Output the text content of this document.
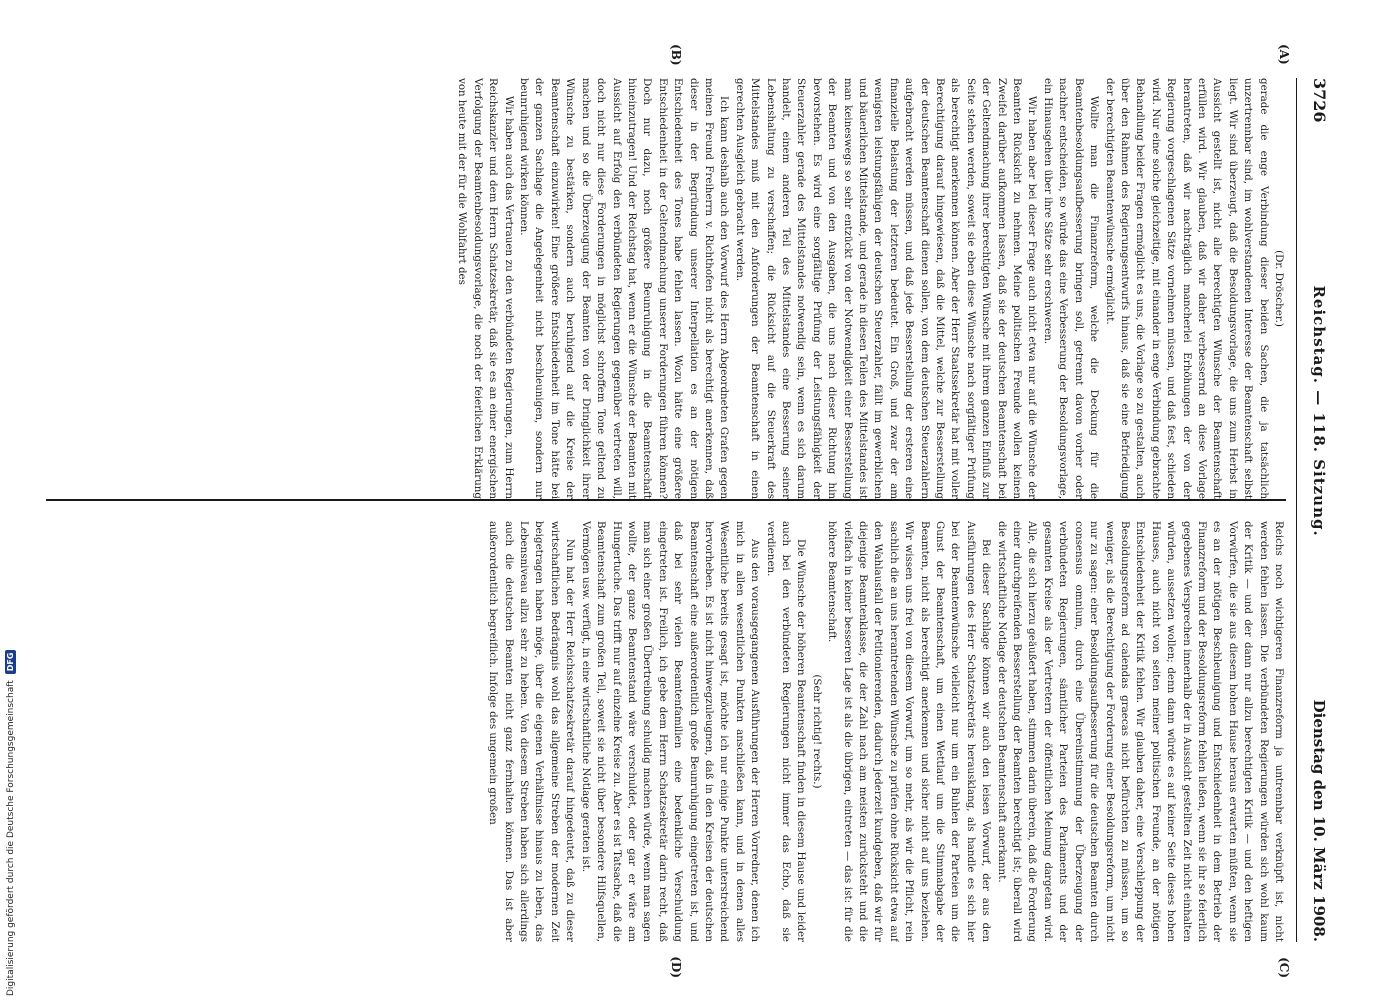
3726
Reichstag. — 118. Sitzung.
Dienstag den 10. März 1908.
(A)
(B)
(C)
(D)

(Dr. Dröscher.)

gerade die enge Verbindung dieser beiden Sachen, die ja tatsächlich unzertrennbar sind, im wohlverstandenen Interesse der Beamtenschaft selbst liegt. Wir sind überzeugt, daß die Besoldungsvorlage, die uns zum Herbst in Aussicht gestellt ist, nicht alle berechtigten Wünsche der Beamtenschaft erfüllen wird. Wir glauben, daß wir daher verbessernd an diese Vorlage herantreten, daß wir nachträglich mancherlei Erhöhungen der von der Regierung vorgeschlagenen Sätze vornehmen müssen, und daß fest, schieden wird. Nur eine solche gleichzeitige, mit einander in enge Verbindung gebrachte Behandlung beider Fragen ermöglicht es uns, die Vorlage so zu gestalten, auch über den Rahmen des Regierungsentwurfs hinaus, daß sie eine Befriedigung der berechtigten Beamtenwünsche ermöglicht.

Wollte man die Finanzreform, welche die Deckung für die Beamtenbesoldungsaufbesserung bringen soll, getrennt davon vorher oder nachher entscheiden, so würde das eine Verbesserung der Besoldungsvorlage, ein Hinausgehen über ihre Sätze sehr erschweren.

Wir haben aber bei dieser Frage auch nicht etwa nur auf die Wünsche der Beamten Rücksicht zu nehmen. Meine politischen Freunde wollen keinen Zweifel darüber aufkommen lassen, daß sie der deutschen Beamtenschaft bei der Geltendmachung ihrer berechtigten Wünsche mit ihrem ganzen Einfluß zur Seite stehen werden, soweit sie eben diese Wünsche nach sorgfältiger Prüfung als berechtigt anerkennen können. Aber der Herr Staatssekretär hat mit voller Berechtigung darauf hingewiesen, daß die Mittel, welche zur Besserstellung der deutschen Beamtenschaft dienen sollen, von dem deutschen Steuerzahlern aufgebracht werden müssen, und daß jede Besserstellung der ersteren eine finanzielle Belastung der letzteren bedeutet. Ein Groß, und zwar der am wenigsten leistungsfähigen der deutschen Steuerzahler, fällt im gewerblichen und bäuerlichen Mittelstande, und gerade in diesen Teilen des Mittelstandes ist man keineswegs so sehr entzückt von der Notwendigkeit einer Besserstellung der Beamten und von den Ausgaben, die uns nach dieser Richtung hin bevorstehen. Es wird eine sorgfältige Prüfung der Leistungsfähigkeit der Steuerzahler gerade des Mittelstandes notwendig sein, wenn es sich darum handelt, einem anderen Teil des Mittelstandes eine Besserung seiner Lebenshaltung zu verschaffen; die Rücksicht auf die Steuerkraft des Mittelstandes muß mit den Anforderungen der Beamtenschaft in einen gerechten Ausgleich gebracht werden.

Ich kann deshalb auch den Vorwurf des Herrn Abgeordneten Grafen gegen meinen Freund Freiherrn v. Richthofen nicht als berechtigt anerkennen, daß dieser in der Begründung unserer Interpellation es an der nötigen Entschiedenheit des Tones habe fehlen lassen. Wozu hätte eine größere Entschiedenheit in der Geltendmachung unserer Forderungen führen können? Doch nur dazu, noch größere Beunruhigung in die Beamtenschaft hineinzutragen! Und der Reichstag hat, wenn er die Wünsche der Beamten mit Aussicht auf Erfolg den verbündeten Regierungen gegenüber vertreten will, doch nicht nur diese Forderungen in möglichst schroffem Tone geltend zu machen und so die Überzeugung der Beamten von der Dringlichkeit ihrer Wünsche zu bestärken, sondern auch beruhigend auf die Kreise der Beamtenschaft einzuwirken! Eine größere Entschiedenheit im Tone hätte bei der ganzen Sachlage die Angelegenheit nicht beschleunigen, sondern nur beunruhigend wirken können.

Wir haben auch das Vertrauen zu den verbündeten Regierungen, zum Herrn Reichskanzler und dem Herrn Schatzsekretär, daß sie es an einer energischen Verfolgung der Beamtenbesoldungsvorlage, die noch der feierlichen Erklärung von heute mit der für die Wohlfahrt des

Reichs noch wichtigeren Finanzreform ja untrennbar verknüpft ist, nicht werden fehlen lassen. Die verbündeten Regierungen würden sich wohl kaum der Kritik — und der dann nur allzu berechtigten Kritik — und den heftigen Vorwürfen, die sie aus diesem hohen Hause heraus erwarten müßten, wenn sie es an der nötigen Beschleunigung und Entschiedenheit in dem Betrieb der Finanzreform und der Besoldungsreform fehlen ließen, wenn sie ihr so feierlich gegebenes Versprechen innerhalb der in Aussicht gestellten Zeit nicht einhalten würden, aussetzen wollen; denn dann würde es auf keiner Seite dieses hohen Hauses, auch nicht von seiten meiner politischen Freunde, an der nötigen Entschiedenheit der Kritik fehlen. Wir glauben daher, eine Verschleppung der Besoldungsreform ad calendas graecas nicht befürchten zu müssen, um so weniger, als die Berechtigung der Forderung einer Besoldungsreform, um nicht nur zu sagen: einer Besoldungsaufbesserung für die deutschen Beamten durch consensus omnium, durch eine Übereinstimmung der Überzeugung der verbündeten Regierungen, sämtlicher Parteien des Parlaments und der gesamten Kreise als der Vertretern der öffentlichen Meinung dargetan wird. Alle, die sich hierzu geäußert haben, stimmen darin überein, daß die Forderung einer durchgreifenden Besserstellung der Beamten berechtigt ist; überall wird die wirtschaftliche Notlage der deutschen Beamtenschaft anerkannt.

Bei dieser Sachlage können wir auch den leisen Vorwurf, der aus den Ausführungen des Herr Schatzsekretärs herausklang, als handle es sich hier bei der Beamtenwünsche vielleicht nur um ein Buhlen der Parteien um die Gunst der Beamtenschaft, um einen Wettlauf um die Stimmabgabe der Beamten, nicht als berechtigt anerkennen und sicher nicht auf uns beziehen. Wir wissen uns frei von diesem Vorwurf, um so mehr, als wir die Pflicht, rein sachlich die an uns herantretenden Wünsche zu prüfen ohne Rücksicht etwa auf den Wahlausfall der Petitionierenden, dadurch jederzeit kundgeben, daß wir für diejenige Beamtenklasse, die der Zahl nach am meisten zurücksteht und die vielfach in keiner besseren Lage ist als die übrigen, eintreten — das ist: für die höhere Beamtenschaft.

(Sehr richtig! rechts.)

Die Wünsche der höheren Beamtenschaft finden in diesem Hause und leider auch bei den verbündeten Regierungen nicht immer das Echo, daß sie verdienen.

Aus den vorausgegangenen Ausführungen der Herren Vorredner, denen ich mich in allen wesentlichen Punkten anschließen kann, und in denen alles Wesentliche bereits gesagt ist, möchte ich nur einige Punkte unterstreichend hervorheben. Es ist nicht hinwegzuleugnen, daß in den Kreisen der deutschen Beamtenschaft eine außerordentlich große Beunruhigung eingetreten ist, und daß bei sehr vielen Beamtenfamilien eine bedenkliche Verschuldung eingetreten ist. Freilich, ich gebe dem Herrn Schatzsekretär darin recht, daß man sich einer großen Übertreibung schuldig machen würde, wenn man sagen wollte, der ganze Beamtenstand wäre verschuldet, oder gar er wäre am Hungertuche. Das trifft nur auf einzelne Kreise zu. Aber es ist Tatsache, daß die Beamtenschaft zum großen Teil, soweit sie nicht über besondere Hilfsquellen, Vermögen usw. verfügt, in eine wirtschaftliche Notlage geraten ist.

Nun hat der Herr Reichsschatzsekretär darauf hingedeutet, daß zu dieser wirtschaftlichen Bedrängnis wohl das allgemeine Streben der modernen Zeit beigetragen haben möge, über die eigenen Verhältnisse hinaus zu leben, das Lebensniveau allzu sehr zu heben. Von diesem Streben haben sich allerdings auch die deutschen Beamten nicht ganz fernhalten können. Das ist aber außerordentlich begreiflich. Infolge des ungemein großen

Digitalisierung gefördert durch die Deutsche ForschungsgemeinschaftDFG
